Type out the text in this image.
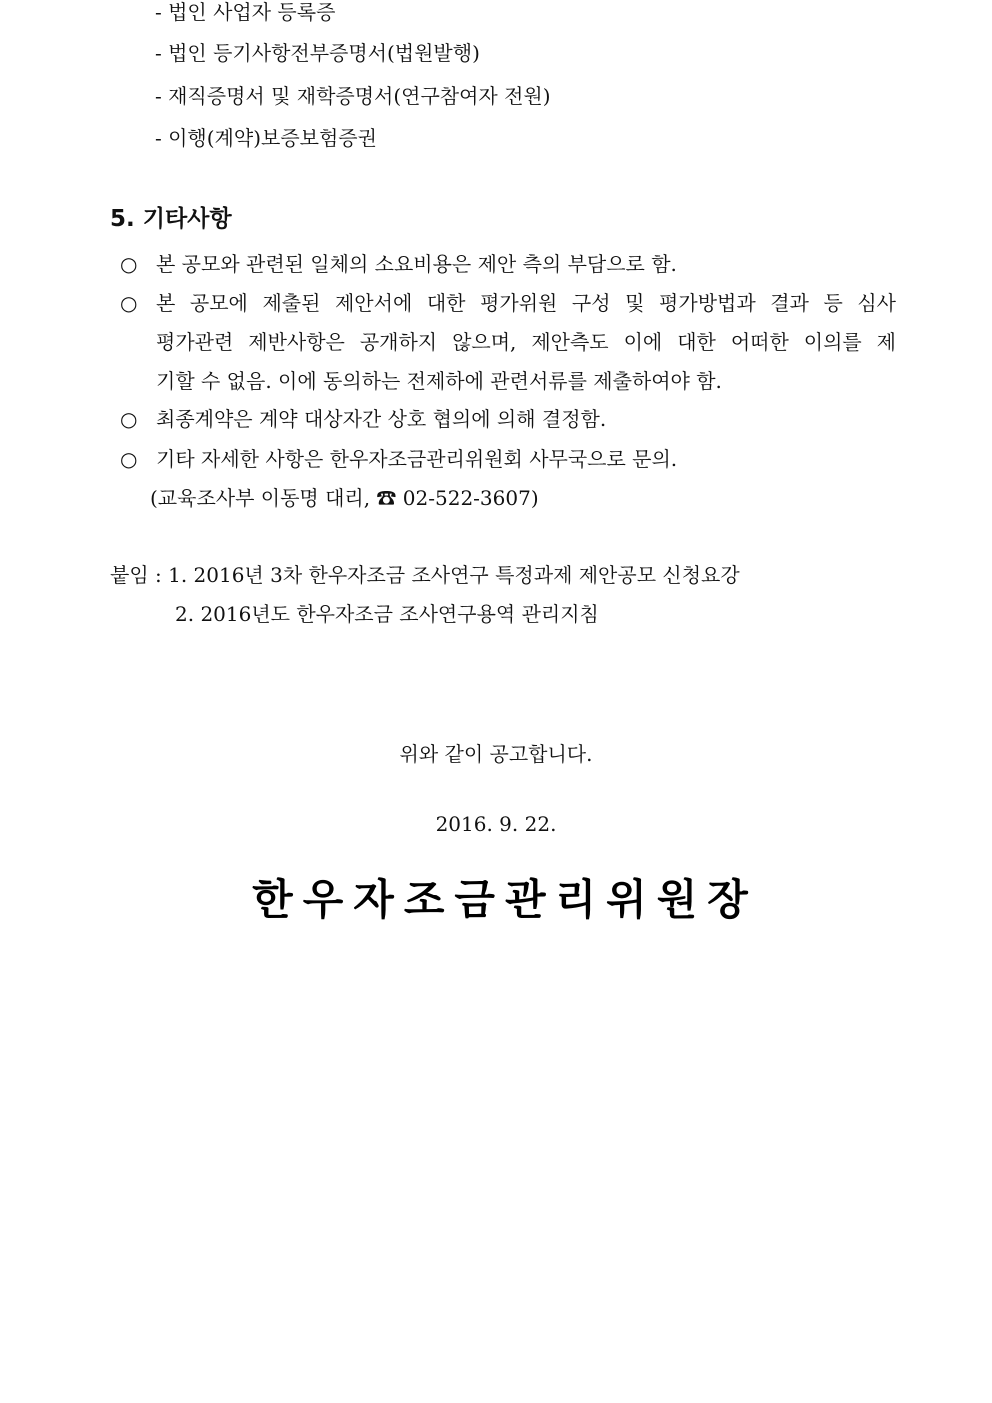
- 법인 사업자 등록증
- 법인 등기사항전부증명서(법원발행)
- 재직증명서 및 재학증명서(연구참여자 전원)
- 이행(계약)보증보험증권
5. 기타사항
○ 본 공모와 관련된 일체의 소요비용은 제안 측의 부담으로 함.
○ 본 공모에 제출된 제안서에 대한 평가위원 구성 및 평가방법과 결과 등 심사
평가관련 제반사항은 공개하지 않으며, 제안측도 이에 대한 어떠한 이의를 제
기할 수 없음. 이에 동의하는 전제하에 관련서류를 제출하여야 함.
○ 최종계약은 계약 대상자간 상호 협의에 의해 결정함.
○ 기타 자세한 사항은 한우자조금관리위원회 사무국으로 문의.
(교육조사부 이동명 대리, ☎ 02-522-3607)
붙임 : 1. 2016년 3차 한우자조금 조사연구 특정과제 제안공모 신청요강
2. 2016년도 한우자조금 조사연구용역 관리지침
위와 같이 공고합니다.
2016. 9. 22.
한우자조금관리위원장
